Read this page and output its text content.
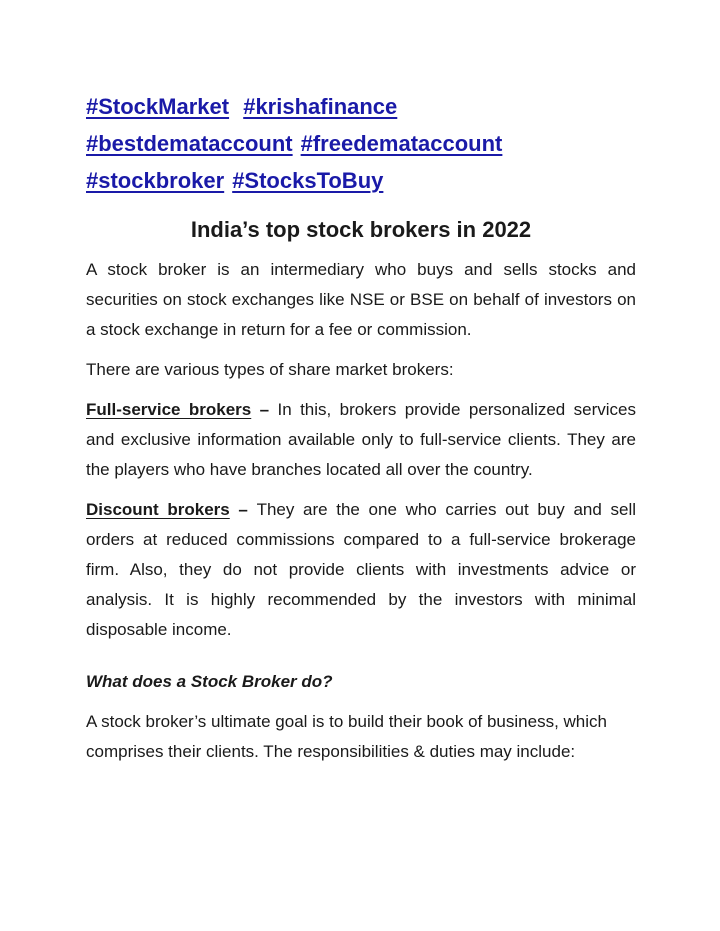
#StockMarket #krishafinance
#bestdemataccount #freedemataccount
#stockbroker #StocksToBuy
India’s top stock brokers in 2022

A stock broker is an intermediary who buys and sells stocks and securities on stock exchanges like NSE or BSE on behalf of investors on a stock exchange in return for a fee or commission.

There are various types of share market brokers:

Full-service brokers – In this, brokers provide personalized services and exclusive information available only to full-service clients. They are the players who have branches located all over the country.

Discount brokers – They are the one who carries out buy and sell orders at reduced commissions compared to a full-service brokerage firm. Also, they do not provide clients with investments advice or analysis. It is highly recommended by the investors with minimal disposable income.

What does a Stock Broker do?

A stock broker’s ultimate goal is to build their book of business, which comprises their clients. The responsibilities & duties may include:
